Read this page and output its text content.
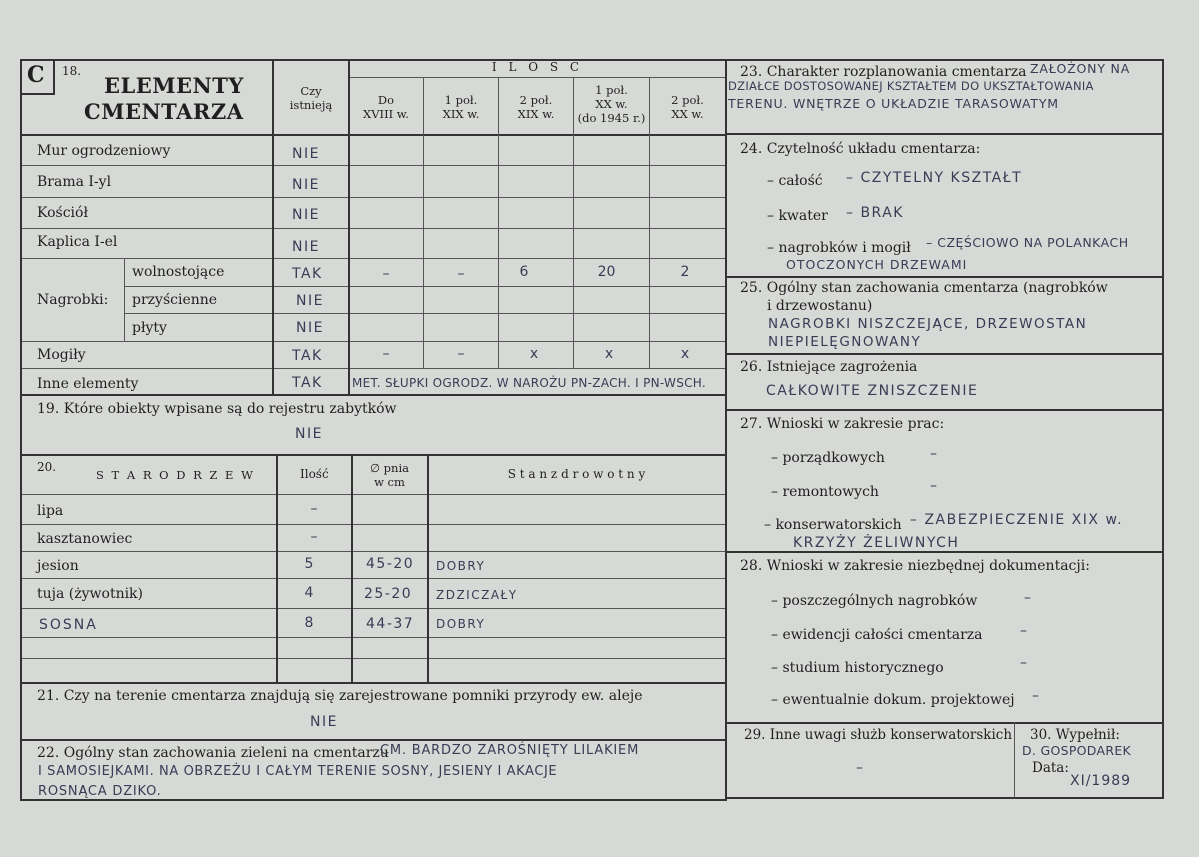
C 18.
ELEMENTY
CMENTARZA
Czy
istnieją
I L O Ś C
Do
XVIII w.
1 poł.
XIX w.
2 poł.
XIX w.
1 poł.
XX w.
(do 1945 r.)
2 poł.
XX w.
Mur ogrodzeniowy	NIE
Brama I-yl	NIE
Kościół	NIE
Kaplica I-el	NIE
Nagrobki:
wolnostojące	TAK	–	–	6	20	2
przyścienne	NIE
płyty	NIE
Mogiły	TAK	–	–	x	x	x
Inne elementy	TAK MET. SŁUPKI OGRODZ. W NAROŻU PN-ZACH. I PN-WSCH.
19. Które obiekty wpisane są do rejestru zabytków
NIE
20.
S T A R O D R Z E W	Ilość	∅ pnia
w cm
S t a n z d r o w o t n y
lipa	–
kasztanowiec	–
jesion	5	45-20 DOBRY
tuja (żywotnik)	4	25-20 ZDZICZAŁY
SOSNA	8	44-37 DOBRY
21. Czy na terenie cmentarza znajdują się zarejestrowane pomniki przyrody ew. aleje
NIE
22. Ogólny stan zachowania zieleni na cmentarzu
CM. BARDZO ZAROŚNIĘTY LILAKIEM
I SAMOSIEJKAMI. NA OBRZEŻU I CAŁYM TERENIE SOSNY, JESIENY I AKACJE
ROSNĄCA DZIKO.
23. Charakter rozplanowania cmentarza ZAŁOŻONY NA
DZIAŁCE DOSTOSOWANEJ KSZTAŁTEM DO UKSZTAŁTOWANIA
TERENU. WNĘTRZE O UKŁADZIE TARASOWATYM
24. Czytelność układu cmentarza:
– całość – CZYTELNY KSZTAŁT
– kwater – BRAK
– nagrobków i mogił – CZĘŚCIOWO NA POLANKACH
OTOCZONYCH DRZEWAMI
25. Ogólny stan zachowania cmentarza (nagrobków
i drzewostanu)
NAGROBKI NISZCZEJĄCE, DRZEWOSTAN
NIEPIELĘGNOWANY
26. Istniejące zagrożenia
CAŁKOWITE ZNISZCZENIE
27. Wnioski w zakresie prac:
– porządkowych	–
– remontowych	–
– konserwatorskich – ZABEZPIECZENIE XIX w.
KRZYŻY ŻELIWNYCH
28. Wnioski w zakresie niezbędnej dokumentacji:
– poszczególnych nagrobków	–
– ewidencji całości cmentarza	–
– studium historycznego	–
– ewentualnie dokum. projektowej –
29. Inne uwagi służb konserwatorskich
–
30. Wypełnił:
D. GOSPODAREK
Data:
XI/1989
